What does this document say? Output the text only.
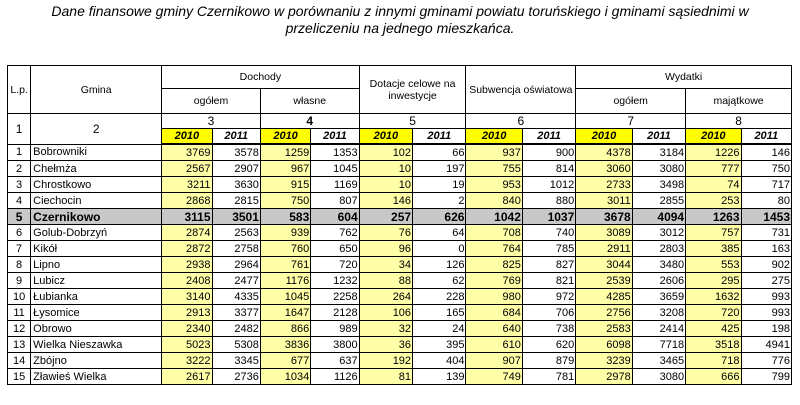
Dane finansowe gminy Czernikowo w porównaniu z innymi gminami powiatu toruńskiego i gminami sąsiednimi w
przeliczeniu na jednego mieszkańca.
L.p.	Gmina	Dochody				Dotacje celowe na inwestycje		Subwencja oświatowa		Wydatki			
		ogółem		własne						ogółem		majątkowe	
1	2	3		4		5		6		7		8	
		2010	2011	2010	2011	2010	2011	2010	2011	2010	2011	2010	2011
1	Bobrowniki	3769	3578	1259	1353	102	66	937	900	4378	3184	1226	146
2	Chełmża	2567	2907	967	1045	10	197	755	814	3060	3080	777	750
3	Chrostkowo	3211	3630	915	1169	10	19	953	1012	2733	3498	74	717
4	Ciechocin	2868	2815	750	807	146	2	840	880	3011	2855	253	80
5	Czernikowo	3115	3501	583	604	257	626	1042	1037	3678	4094	1263	1453
6	Golub-Dobrzyń	2874	2563	939	762	76	64	708	740	3089	3012	757	731
7	Kikół	2872	2758	760	650	96	0	764	785	2911	2803	385	163
8	Lipno	2938	2964	761	720	34	126	825	827	3044	3480	553	902
9	Lubicz	2408	2477	1176	1232	88	62	769	821	2539	2606	295	275
10	Łubianka	3140	4335	1045	2258	264	228	980	972	4285	3659	1632	993
11	Łysomice	2913	3377	1647	2128	106	165	684	706	2756	3208	720	993
12	Obrowo	2340	2482	866	989	32	24	640	738	2583	2414	425	198
13	Wielka Nieszawka	5023	5308	3836	3800	36	395	610	620	6098	7718	3518	4941
14	Zbójno	3222	3345	677	637	192	404	907	879	3239	3465	718	776
15	Zławieś Wielka	2617	2736	1034	1126	81	139	749	781	2978	3080	666	799
